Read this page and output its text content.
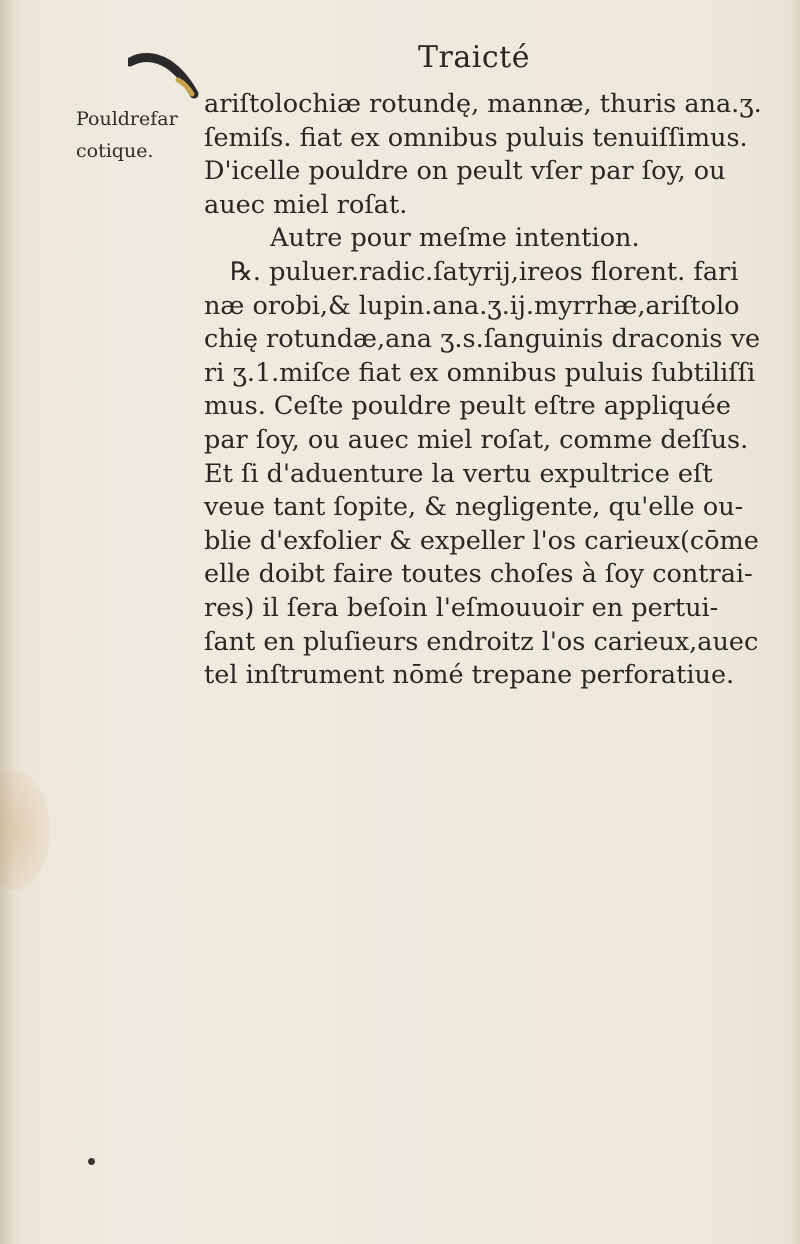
Traicté
Pouldrefar
cotique.
ariſtolochiæ rotundę, mannæ, thuris ana.ʒ.
ſemiſs. fiat ex omnibus puluis tenuiſſimus.
D'icelle pouldre on peult vſer par ſoy, ou
auec miel roſat.
Autre pour meſme intention.
℞. puluer.radic.ſatyrij,ireos florent. fari
næ orobi,& lupin.ana.ʒ.ij.myrrhæ,ariſtolo
chię rotundæ,ana ʒ.s.ſanguinis draconis ve
ri ʒ.1.miſce fiat ex omnibus puluis ſubtiliſſi
mus. Ceſte pouldre peult eſtre appliquée
par ſoy, ou auec miel roſat, comme deſſus.
Et ſi d'aduenture la vertu expultrice eſt
veue tant ſopite, & negligente, qu'elle ou-
blie d'exfolier & expeller l'os carieux(cōme
elle doibt faire toutes choſes à ſoy contrai-
res) il ſera beſoin l'eſmouuoir en pertui-
ſant en pluſieurs endroitz l'os carieux,auec
tel inſtrument nōmé trepane perforatiue.
